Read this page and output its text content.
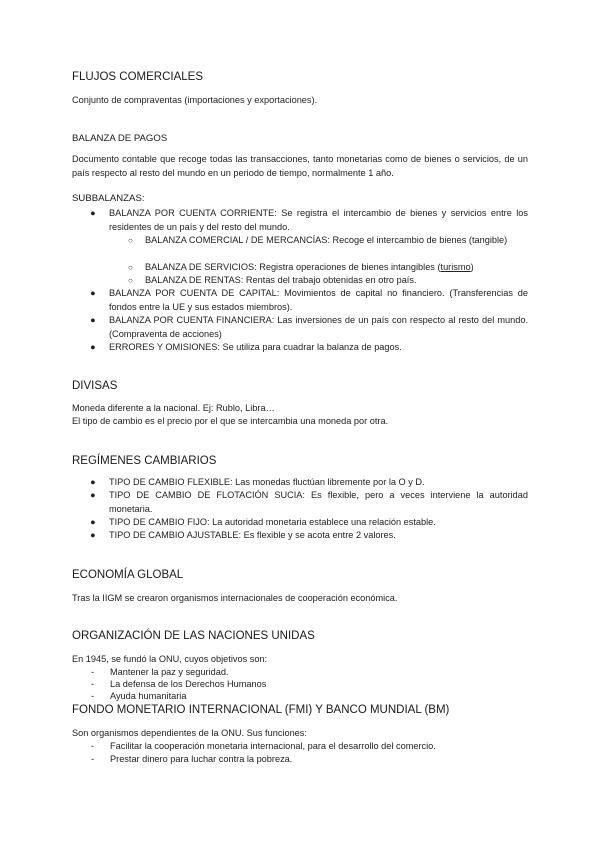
FLUJOS COMERCIALES
Conjunto de compraventas (importaciones y exportaciones).
BALANZA DE PAGOS
Documento contable que recoge todas las transacciones, tanto monetarias como de bienes o servicios, de un país respecto al resto del mundo en un periodo de tiempo, normalmente 1 año.
SUBBALANZAS:
● BALANZA POR CUENTA CORRIENTE: Se registra el intercambio de bienes y servicios entre los residentes de un país y del resto del mundo.
○ BALANZA COMERCIAL / DE MERCANCÍAS: Recoge el intercambio de bienes (tangible)
○ BALANZA DE SERVICIOS: Registra operaciones de bienes intangibles (turismo)
○ BALANZA DE RENTAS: Rentas del trabajo obtenidas en otro país.
● BALANZA POR CUENTA DE CAPITAL: Movimientos de capital no financiero. (Transferencias de fondos entre la UE y sus estados miembros).
● BALANZA POR CUENTA FINANCIERA: Las inversiones de un país con respecto al resto del mundo. (Compraventa de acciones)
● ERRORES Y OMISIONES: Se utiliza para cuadrar la balanza de pagos.
DIVISAS
Moneda diferente a la nacional. Ej: Rublo, Libra…
El tipo de cambio es el precio por el que se intercambia una moneda por otra.
REGÍMENES CAMBIARIOS
● TIPO DE CAMBIO FLEXIBLE: Las monedas fluctúan libremente por la O y D.
● TIPO DE CAMBIO DE FLOTACIÓN SUCIA: Es flexible, pero a veces interviene la autoridad monetaria.
● TIPO DE CAMBIO FIJO: La autoridad monetaria establece una relación estable.
● TIPO DE CAMBIO AJUSTABLE: Es flexible y se acota entre 2 valores.
ECONOMÍA GLOBAL
Tras la IIGM se crearon organismos internacionales de cooperación económica.
ORGANIZACIÓN DE LAS NACIONES UNIDAS
En 1945, se fundó la ONU, cuyos objetivos son:
- Mantener la paz y seguridad.
- La defensa de los Derechos Humanos
- Ayuda humanitaria
FONDO MONETARIO INTERNACIONAL (FMI) Y BANCO MUNDIAL (BM)
Son organismos dependientes de la ONU. Sus funciones:
- Facilitar la cooperación monetaria internacional, para el desarrollo del comercio.
- Prestar dinero para luchar contra la pobreza.
